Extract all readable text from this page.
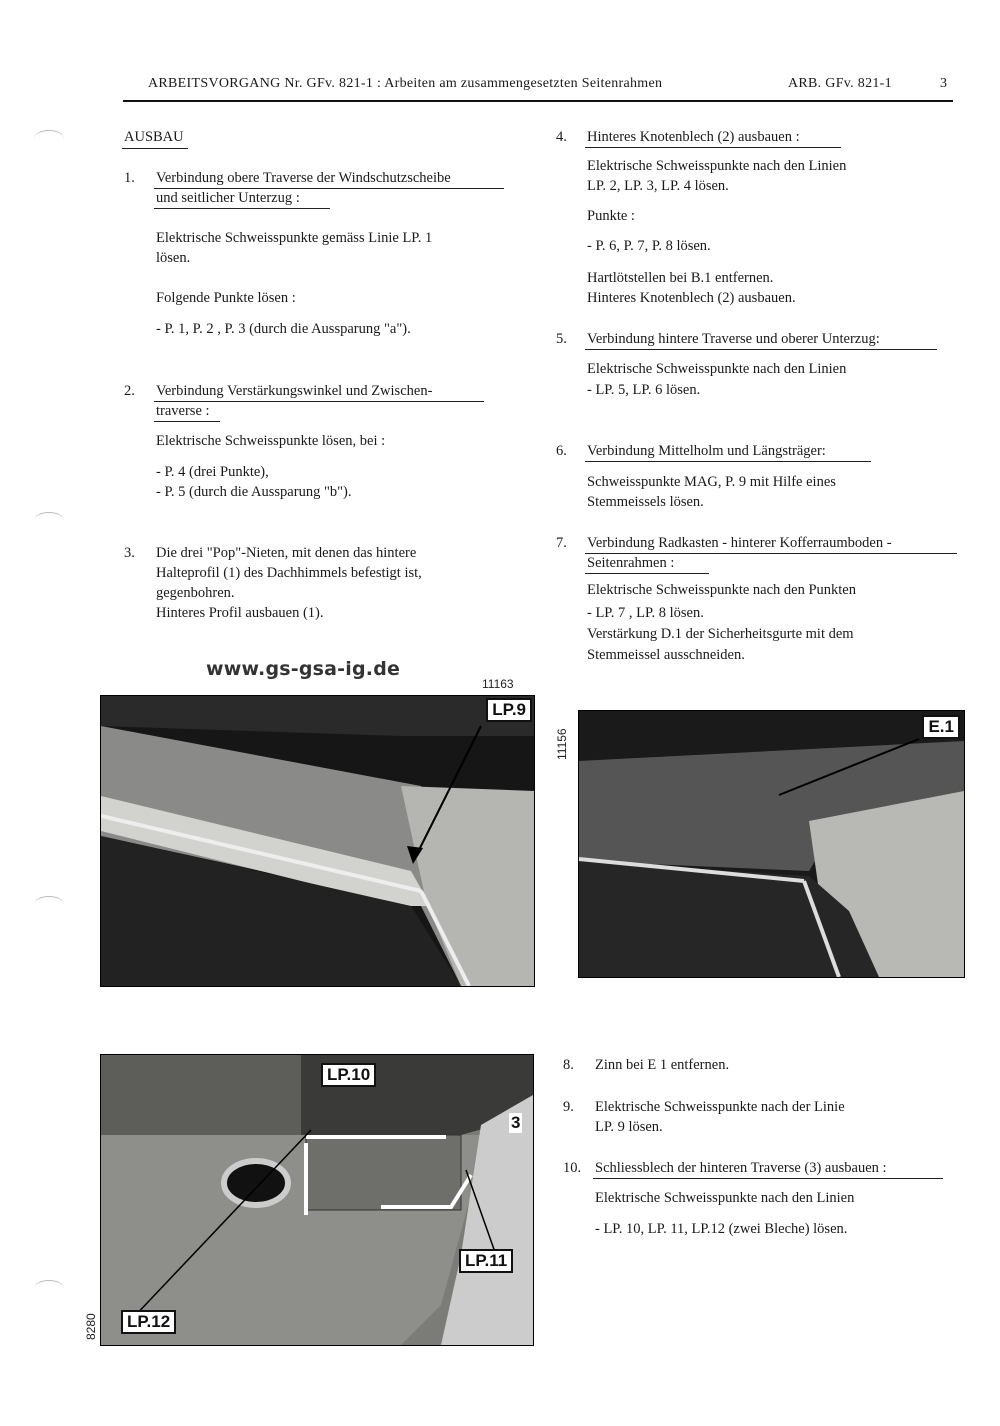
ARBEITSVORGANG Nr. GFv. 821-1 : Arbeiten am zusammengesetzten Seitenrahmen	ARB. GFv. 821-1	3
AUSBAU
1. Verbindung obere Traverse der Windschutzscheibe
und seitlicher Unterzug :
Elektrische Schweisspunkte gemäss Linie LP. 1
lösen.
Folgende Punkte lösen :
- P. 1, P. 2 , P. 3 (durch die Aussparung "a").
2. Verbindung Verstärkungswinkel und Zwischen-
traverse :
Elektrische Schweisspunkte lösen, bei :
- P. 4 (drei Punkte),
- P. 5 (durch die Aussparung "b").
3. Die drei "Pop"-Nieten, mit denen das hintere
Halteprofil (1) des Dachhimmels befestigt ist,
gegenbohren.
Hinteres Profil ausbauen (1).
4. Hinteres Knotenblech (2) ausbauen :
Elektrische Schweisspunkte nach den Linien
LP. 2, LP. 3, LP. 4 lösen.
Punkte :
- P. 6, P. 7, P. 8 lösen.
Hartlötstellen bei B.1 entfernen.
Hinteres Knotenblech (2) ausbauen.
5. Verbindung hintere Traverse und oberer Unterzug:
Elektrische Schweisspunkte nach den Linien
- LP. 5, LP. 6 lösen.
6. Verbindung Mittelholm und Längsträger:
Schweisspunkte MAG, P. 9 mit Hilfe eines
Stemmeissels lösen.
7. Verbindung Radkasten - hinterer Kofferraumboden -
Seitenrahmen :
Elektrische Schweisspunkte nach den Punkten
- LP. 7 , LP. 8 lösen.
Verstärkung D.1 der Sicherheitsgurte mit dem
Stemmeissel ausschneiden.
www.gs-gsa-ig.de
11163
LP.9
11156
E.1
8280
LP.10
3
LP.11
LP.12
8. Zinn bei E 1 entfernen.
9. Elektrische Schweisspunkte nach der Linie
LP. 9 lösen.
10. Schliessblech der hinteren Traverse (3) ausbauen :
Elektrische Schweisspunkte nach den Linien
- LP. 10, LP. 11, LP.12 (zwei Bleche) lösen.
